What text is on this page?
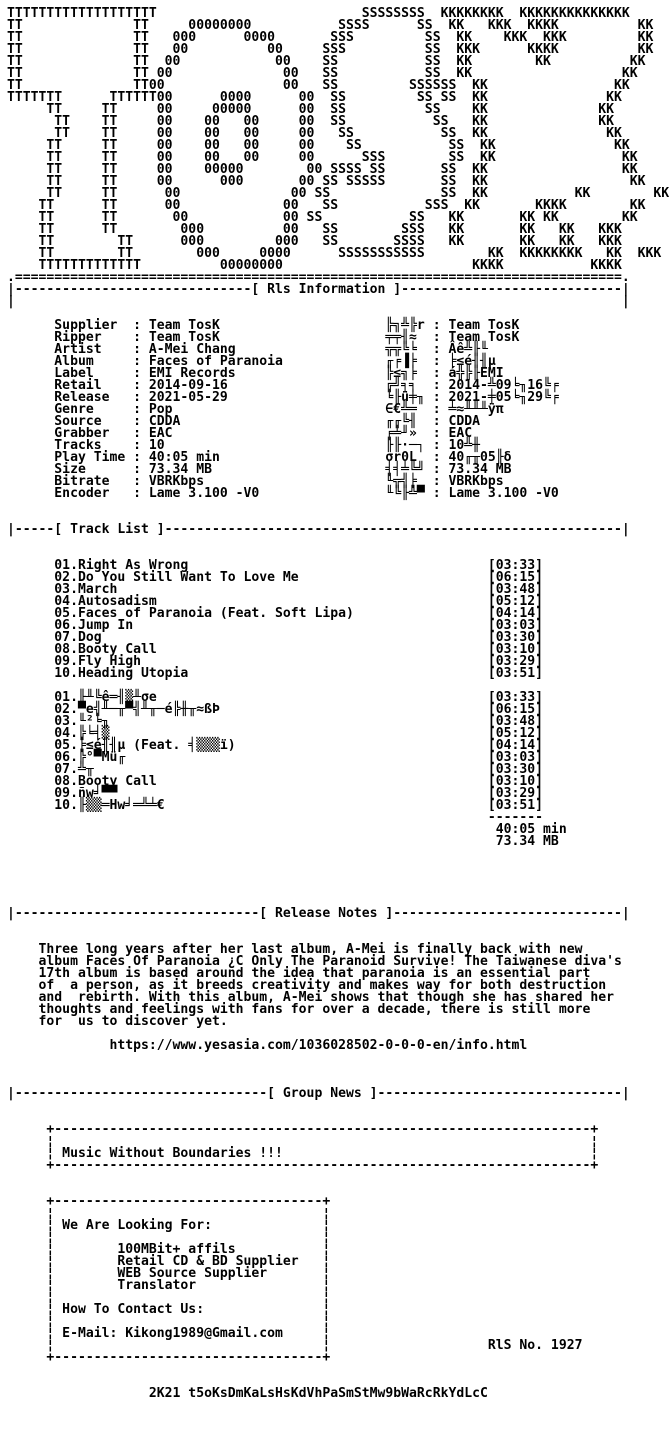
TTTTTTTTTTTTTTTTTTT                          SSSSSSSS  KKKKKKKK  KKKKKKKKKKKKKK
TT              TT     00000000           SSSS      SS  KK   KKK  KKKK          KK
TT              TT   000      0000       SSS         SS  KK    KKK  KKK         KK
TT              TT   00          00     SSS          SS  KKK      KKKK          KK
TT              TT  00            00    SS           SS  KK        KK          KK
TT              TT 00              00   SS           SS  KK                   KK
TT              TT00               00   SS         SSSSSS  KK                KK
TTTTTTT      TTTTTT00      0000      00  SS         SS SS  KK               KK
TT     TT     00     00000      00  SS          SS    KK              KK
TT    TT     00    00   00     00  SS           SS   KK              KK
TT    TT     00    00   00     00   SS           SS  KK               KK
TT     TT     00    00   00     00    SS           SS  KK               KK
TT     TT     00    00   00     00      SSS        SS  KK                KK
TT     TT     00    00000        00 SSSS SS       SS  KK                 KK
TT     TT     00      000       00 SS SSSSS       SS  KK                  KK
TT     TT      00              00 SS              SS  KK           KK        KK
TT      TT      00             00   SS           SSS  KK       KKKK        KK
TT      TT       00            00 SS           SS   KK       KK KK        KK
TT      TT        000          00   SS        SSS   KK       KK   KK   KKK
TT        TT      000         000   SS       SSSS   KK       KK   KK   KKK
TT        TT        000     0000      SSSSSSSSSSS        KK  KKKKKKKK   KK  KKK
TTTTTTTTTTTTT          00000000                        KKKK           KKKK
.=============================================================================.
|------------------------------[ Rls Information ]----------------------------|
|                                                                             |

Supplier  : Team TosK                     ╠╗╩╠r : Team TosK
Ripper    : Team TosK                     ╤╤╢≈  : Team TosK
Artist    : A-Mei Chang                   ╦╦╚╘  : Âê╩╟╙
Album     : Faces of Paranoia             ╓╒▐╞  : ╞≤é╢╢µ
Label     : EMI Records                   ╠≤╗╞  : á╬╠╟EMI
Retail    : 2014-09-16                    ╔╝╕╕  : 2014-╩09╘╖16╚╒
Release   : 2021-05-29                    ╘╟ü╪╖ : 2021-╪05╘╖29╚╒
Genre     : Pop                           ∈€╩═  : ╧≈╨╨╨ÿπ
Source    : CDDA                          ╓╓╚╢  : CDDA
Grabber   : EAC                           ╒╧╜»  : EAC
Tracks    : 10                            ╟╟·─┐ : 10╩╫
Play Time : 40:05 min                     σr0L  : 40╓╥05╟δ
Size      : 73.34 MB                      ╡╡╧╚╝ : 73.34 MB
Bitrate   : VBRKbps                       ╙╦╣╞  : VBRKbps
Encoder   : Lame 3.100 -V0                ╙╚╟╩▀ : Lame 3.100 -V0

|-----[ Track List ]----------------------------------------------------------|

01.Right As Wrong                                      [03:33]
02.Do You Still Want To Love Me                        [06:15]
03.March                                               [03:48]
04.Autosadism                                          [05:12]
05.Faces of Paranoia (Feat. Soft Lipa)                 [04:14]
06.Jump In                                             [03:03]
07.Dog                                                 [03:30]
08.Booty Call                                          [03:10]
09.Fly High                                            [03:29]
10.Heading Utopia                                      [03:51]

01.╟╨╚ê═╢▒╨σe                                          [03:33]
02.▀e╣╨─╥▀╣╨╥─é╠╫╥≈ßÞ                                  [06:15]
03.╙²╘╖                                                [03:48]
04.╠╘╡▒                                                [05:12]
05.╞≤é╢╢µ (Feat. ╡▒▒▒ï)                                [04:14]
06.╠°▀Mü╓                                              [03:03]
07.╩╥                                                  [03:30]
08.Booty Call                                          [03:10]
09.ñw╛▀▀                                               [03:29]
10.╟▒▒═Hw╛═╩╧€                                         [03:51]
-------
40:05 min
73.34 MB

|-------------------------------[ Release Notes ]-----------------------------|

Three long years after her last album, A-Mei is finally back with new
album Faces Of Paranoia ¿C Only The Paranoid Survive! The Taiwanese diva's
17th album is based around the idea that paranoia is an essential part
of  a person, as it breeds creativity and makes way for both destruction
and  rebirth. With this album, A-Mei shows that though she has shared her
thoughts and feelings with fans for over a decade, there is still more
for  us to discover yet.

https://www.yesasia.com/1036028502-0-0-0-en/info.html

|--------------------------------[ Group News ]-------------------------------|

+--------------------------------------------------------------------+
¦                                                                    ¦
¦ Music Without Boundaries !!!                                       ¦
+--------------------------------------------------------------------+

+----------------------------------+
¦                                  ¦
¦ We Are Looking For:              ¦
¦                                  ¦
¦        100MBit+ affils           ¦
¦        Retail CD & BD Supplier   ¦
¦        WEB Source Supplier       ¦
¦        Translator                ¦
¦                                  ¦
¦ How To Contact Us:               ¦
¦                                  ¦
¦ E-Mail: Kikong1989@Gmail.com     ¦
¦                                  ¦                    RlS No. 1927
+----------------------------------+

2K21 t5oKsDmKaLsHsKdVhPaSmStMw9bWaRcRkYdLcC
